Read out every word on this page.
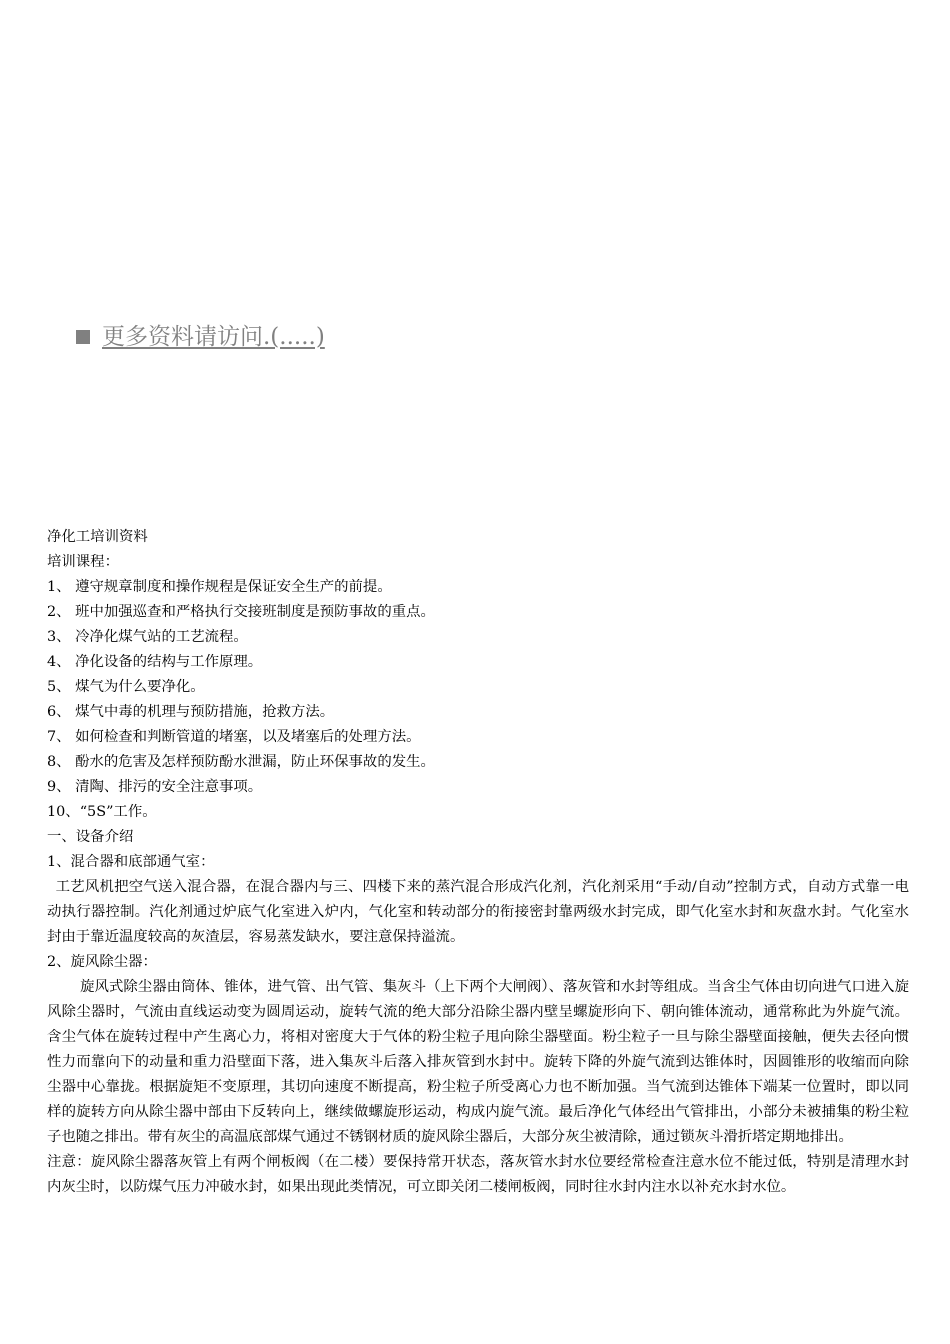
更多资料请访问.(.....)

净化工培训资料

培训课程：

1、 遵守规章制度和操作规程是保证安全生产的前提。

2、 班中加强巡查和严格执行交接班制度是预防事故的重点。

3、 冷净化煤气站的工艺流程。

4、 净化设备的结构与工作原理。

5、 煤气为什么要净化。

6、 煤气中毒的机理与预防措施，抢救方法。

7、 如何检查和判断管道的堵塞，以及堵塞后的处理方法。

8、 酚水的危害及怎样预防酚水泄漏，防止环保事故的发生。

9、 清陶、排污的安全注意事项。

10、“5S”工作。

一、设备介绍

1、混合器和底部通气室：

工艺风机把空气送入混合器，在混合器内与三、四楼下来的蒸汽混合形成汽化剂，汽化剂采用“手动/自动”控制方式，自动方式靠一电动执行器控制。汽化剂通过炉底气化室进入炉内，气化室和转动部分的衔接密封靠两级水封完成，即气化室水封和灰盘水封。气化室水封由于靠近温度较高的灰渣层，容易蒸发缺水，要注意保持溢流。

2、旋风除尘器：

旋风式除尘器由筒体、锥体，进气管、出气管、集灰斗（上下两个大闸阀）、落灰管和水封等组成。当含尘气体由切向进气口进入旋风除尘器时，气流由直线运动变为圆周运动，旋转气流的绝大部分沿除尘器内壁呈螺旋形向下、朝向锥体流动，通常称此为外旋气流。含尘气体在旋转过程中产生离心力，将相对密度大于气体的粉尘粒子甩向除尘器壁面。粉尘粒子一旦与除尘器壁面接触，便失去径向惯性力而靠向下的动量和重力沿壁面下落，进入集灰斗后落入排灰管到水封中。旋转下降的外旋气流到达锥体时，因圆锥形的收缩而向除尘器中心靠拢。根据旋矩不变原理，其切向速度不断提高，粉尘粒子所受离心力也不断加强。当气流到达锥体下端某一位置时，即以同样的旋转方向从除尘器中部由下反转向上，继续做螺旋形运动，构成内旋气流。最后净化气体经出气管排出，小部分未被捕集的粉尘粒子也随之排出。带有灰尘的高温底部煤气通过不锈钢材质的旋风除尘器后，大部分灰尘被清除，通过锁灰斗滑折塔定期地排出。

注意：旋风除尘器落灰管上有两个闸板阀（在二楼）要保持常开状态，落灰管水封水位要经常检查注意水位不能过低，特别是清理水封内灰尘时，以防煤气压力冲破水封，如果出现此类情况，可立即关闭二楼闸板阀，同时往水封内注水以补充水封水位。
